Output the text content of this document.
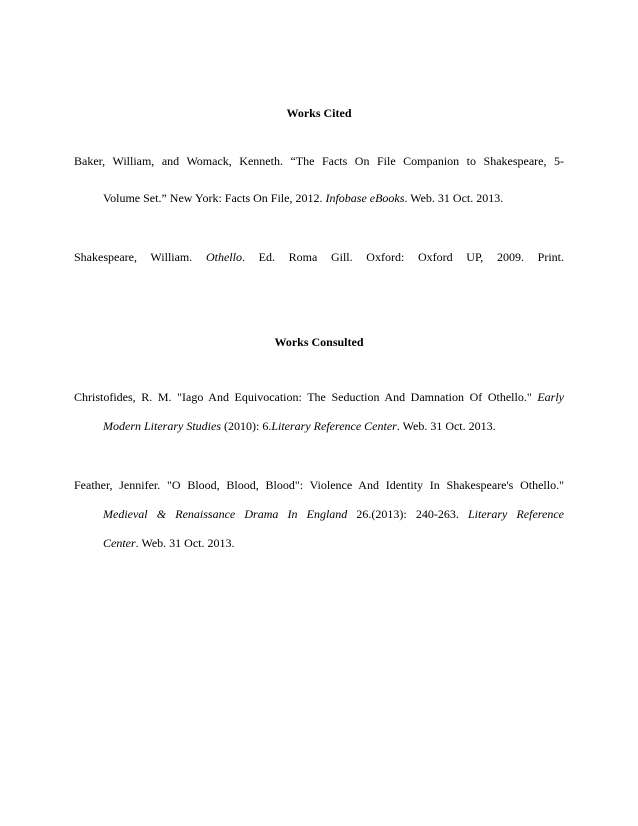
Works Cited
Baker, William, and Womack, Kenneth. “The Facts On File Companion to Shakespeare, 5-
Volume Set.” New York: Facts On File, 2012. Infobase eBooks. Web. 31 Oct. 2013.
Shakespeare, William. Othello. Ed. Roma Gill. Oxford: Oxford UP, 2009. Print.
Works Consulted
Christofides, R. M. "Iago And Equivocation: The Seduction And Damnation Of Othello." Early
Modern Literary Studies (2010): 6.Literary Reference Center. Web. 31 Oct. 2013.
Feather, Jennifer. "O Blood, Blood, Blood": Violence And Identity In Shakespeare's Othello."
Medieval & Renaissance Drama In England 26.(2013): 240-263. Literary Reference
Center. Web. 31 Oct. 2013.
